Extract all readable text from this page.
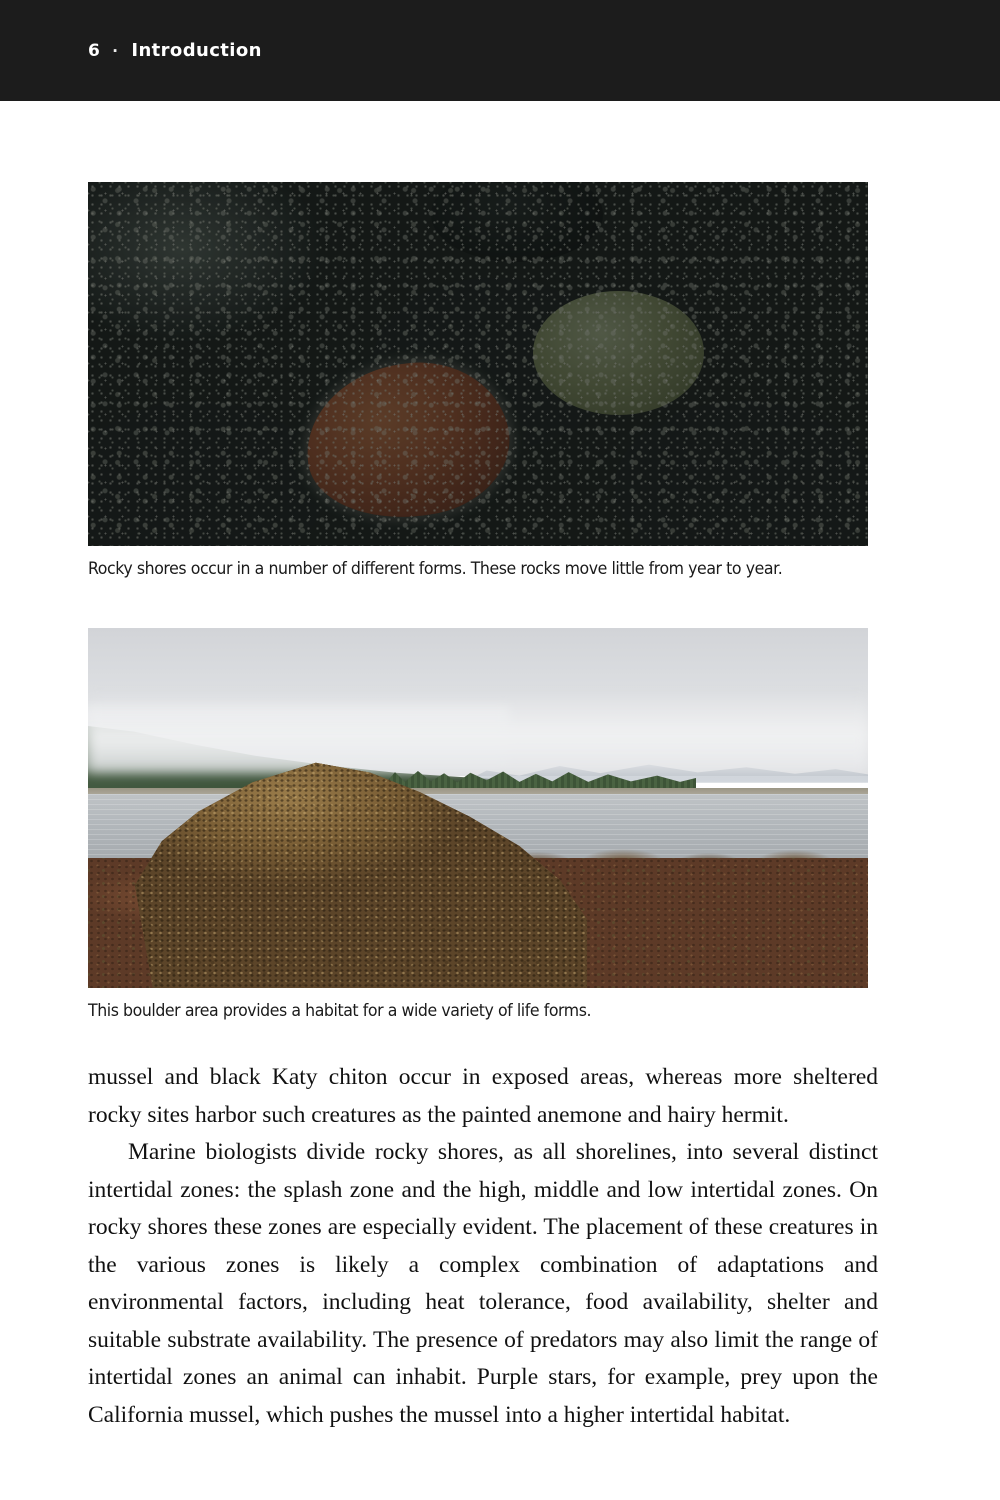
6 · Introduction
Rocky shores occur in a number of different forms. These rocks move little from year to year.
This boulder area provides a habitat for a wide variety of life forms.

mussel and black Katy chiton occur in exposed areas, whereas more sheltered rocky sites harbor such creatures as the painted anemone and hairy hermit.

Marine biologists divide rocky shores, as all shorelines, into several distinct intertidal zones: the splash zone and the high, middle and low intertidal zones. On rocky shores these zones are especially evident. The placement of these creatures in the various zones is likely a complex combination of adaptations and environmental factors, including heat tolerance, food availability, shelter and suitable substrate availability. The presence of predators may also limit the range of intertidal zones an animal can inhabit. Purple stars, for example, prey upon the California mussel, which pushes the mussel into a higher intertidal habitat.
